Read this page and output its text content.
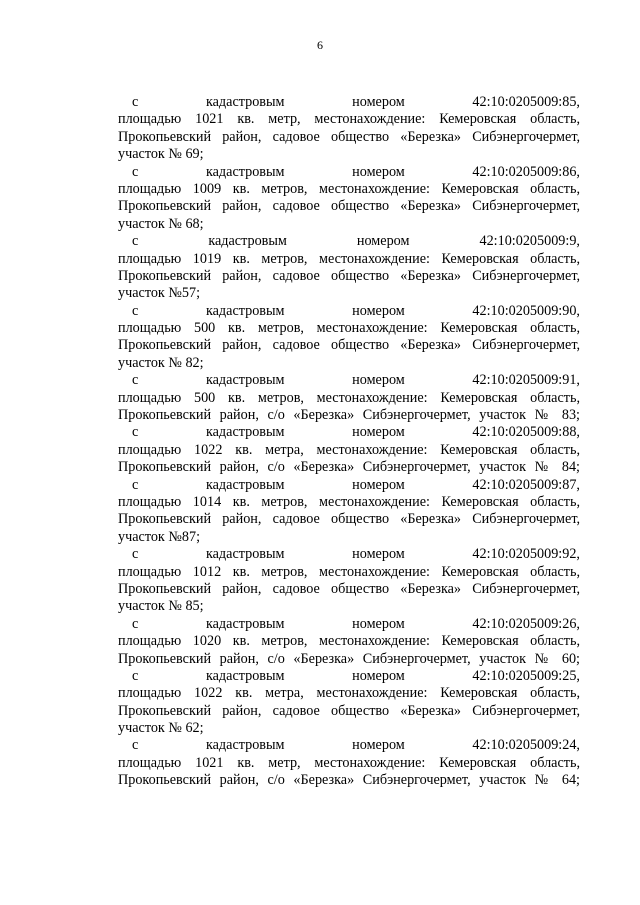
6
с	кадастровым	номером	42:10:0205009:85,
площадью 1021 кв. метр, местонахождение: Кемеровская область,
Прокопьевский район, садовое общество «Березка» Сибэнергочермет,
участок № 69;
с	кадастровым	номером	42:10:0205009:86,
площадью 1009 кв. метров, местонахождение: Кемеровская область,
Прокопьевский район, садовое общество «Березка» Сибэнергочермет,
участок № 68;
с	кадастровым	номером	42:10:0205009:9,
площадью 1019 кв. метров, местонахождение: Кемеровская область,
Прокопьевский район, садовое общество «Березка» Сибэнергочермет,
участок №57;
с	кадастровым	номером	42:10:0205009:90,
площадью 500 кв. метров, местонахождение: Кемеровская область,
Прокопьевский район, садовое общество «Березка» Сибэнергочермет,
участок № 82;
с	кадастровым	номером	42:10:0205009:91,
площадью 500 кв. метров, местонахождение: Кемеровская область,
Прокопьевский район, с/о «Березка» Сибэнергочермет, участок № 83;
с	кадастровым	номером	42:10:0205009:88,
площадью 1022 кв. метра, местонахождение: Кемеровская область,
Прокопьевский район, с/о «Березка» Сибэнергочермет, участок № 84;
с	кадастровым	номером	42:10:0205009:87,
площадью 1014 кв. метров, местонахождение: Кемеровская область,
Прокопьевский район, садовое общество «Березка» Сибэнергочермет,
участок №87;
с	кадастровым	номером	42:10:0205009:92,
площадью 1012 кв. метров, местонахождение: Кемеровская область,
Прокопьевский район, садовое общество «Березка» Сибэнергочермет,
участок № 85;
с	кадастровым	номером	42:10:0205009:26,
площадью 1020 кв. метров, местонахождение: Кемеровская область,
Прокопьевский район, с/о «Березка» Сибэнергочермет, участок № 60;
с	кадастровым	номером	42:10:0205009:25,
площадью 1022 кв. метра, местонахождение: Кемеровская область,
Прокопьевский район, садовое общество «Березка» Сибэнергочермет,
участок № 62;
с	кадастровым	номером	42:10:0205009:24,
площадью 1021 кв. метр, местонахождение: Кемеровская область,
Прокопьевский район, с/о «Березка» Сибэнергочермет, участок № 64;
